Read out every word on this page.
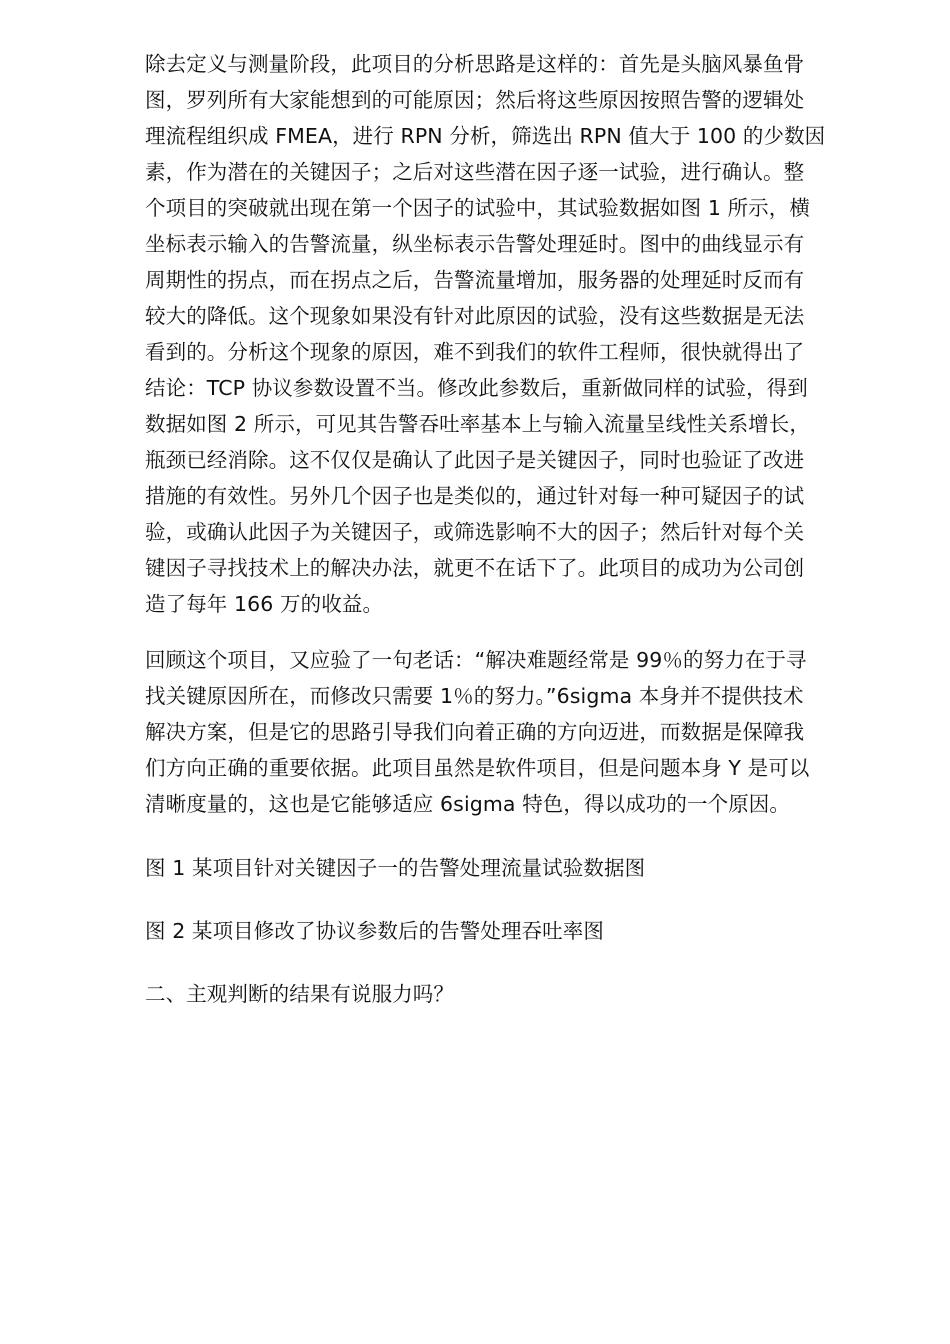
除去定义与测量阶段，此项目的分析思路是这样的：首先是头脑风暴鱼骨
图，罗列所有大家能想到的可能原因；然后将这些原因按照告警的逻辑处
理流程组织成 FMEA，进行 RPN 分析，筛选出 RPN 值大于 100 的少数因
素，作为潜在的关键因子；之后对这些潜在因子逐一试验，进行确认。整
个项目的突破就出现在第一个因子的试验中，其试验数据如图 1 所示，横
坐标表示输入的告警流量，纵坐标表示告警处理延时。图中的曲线显示有
周期性的拐点，而在拐点之后，告警流量增加，服务器的处理延时反而有
较大的降低。这个现象如果没有针对此原因的试验，没有这些数据是无法
看到的。分析这个现象的原因，难不到我们的软件工程师，很快就得出了
结论：TCP 协议参数设置不当。修改此参数后，重新做同样的试验，得到
数据如图 2 所示，可见其告警吞吐率基本上与输入流量呈线性关系增长，
瓶颈已经消除。这不仅仅是确认了此因子是关键因子，同时也验证了改进
措施的有效性。另外几个因子也是类似的，通过针对每一种可疑因子的试
验，或确认此因子为关键因子，或筛选影响不大的因子；然后针对每个关
键因子寻找技术上的解决办法，就更不在话下了。此项目的成功为公司创
造了每年 166 万的收益。

回顾这个项目，又应验了一句老话：“解决难题经常是 99％的努力在于寻
找关键原因所在，而修改只需要 1％的努力。”6sigma 本身并不提供技术
解决方案，但是它的思路引导我们向着正确的方向迈进，而数据是保障我
们方向正确的重要依据。此项目虽然是软件项目，但是问题本身 Y 是可以
清晰度量的，这也是它能够适应 6sigma 特色，得以成功的一个原因。

图 1 某项目针对关键因子一的告警处理流量试验数据图

图 2 某项目修改了协议参数后的告警处理吞吐率图

二、主观判断的结果有说服力吗？
